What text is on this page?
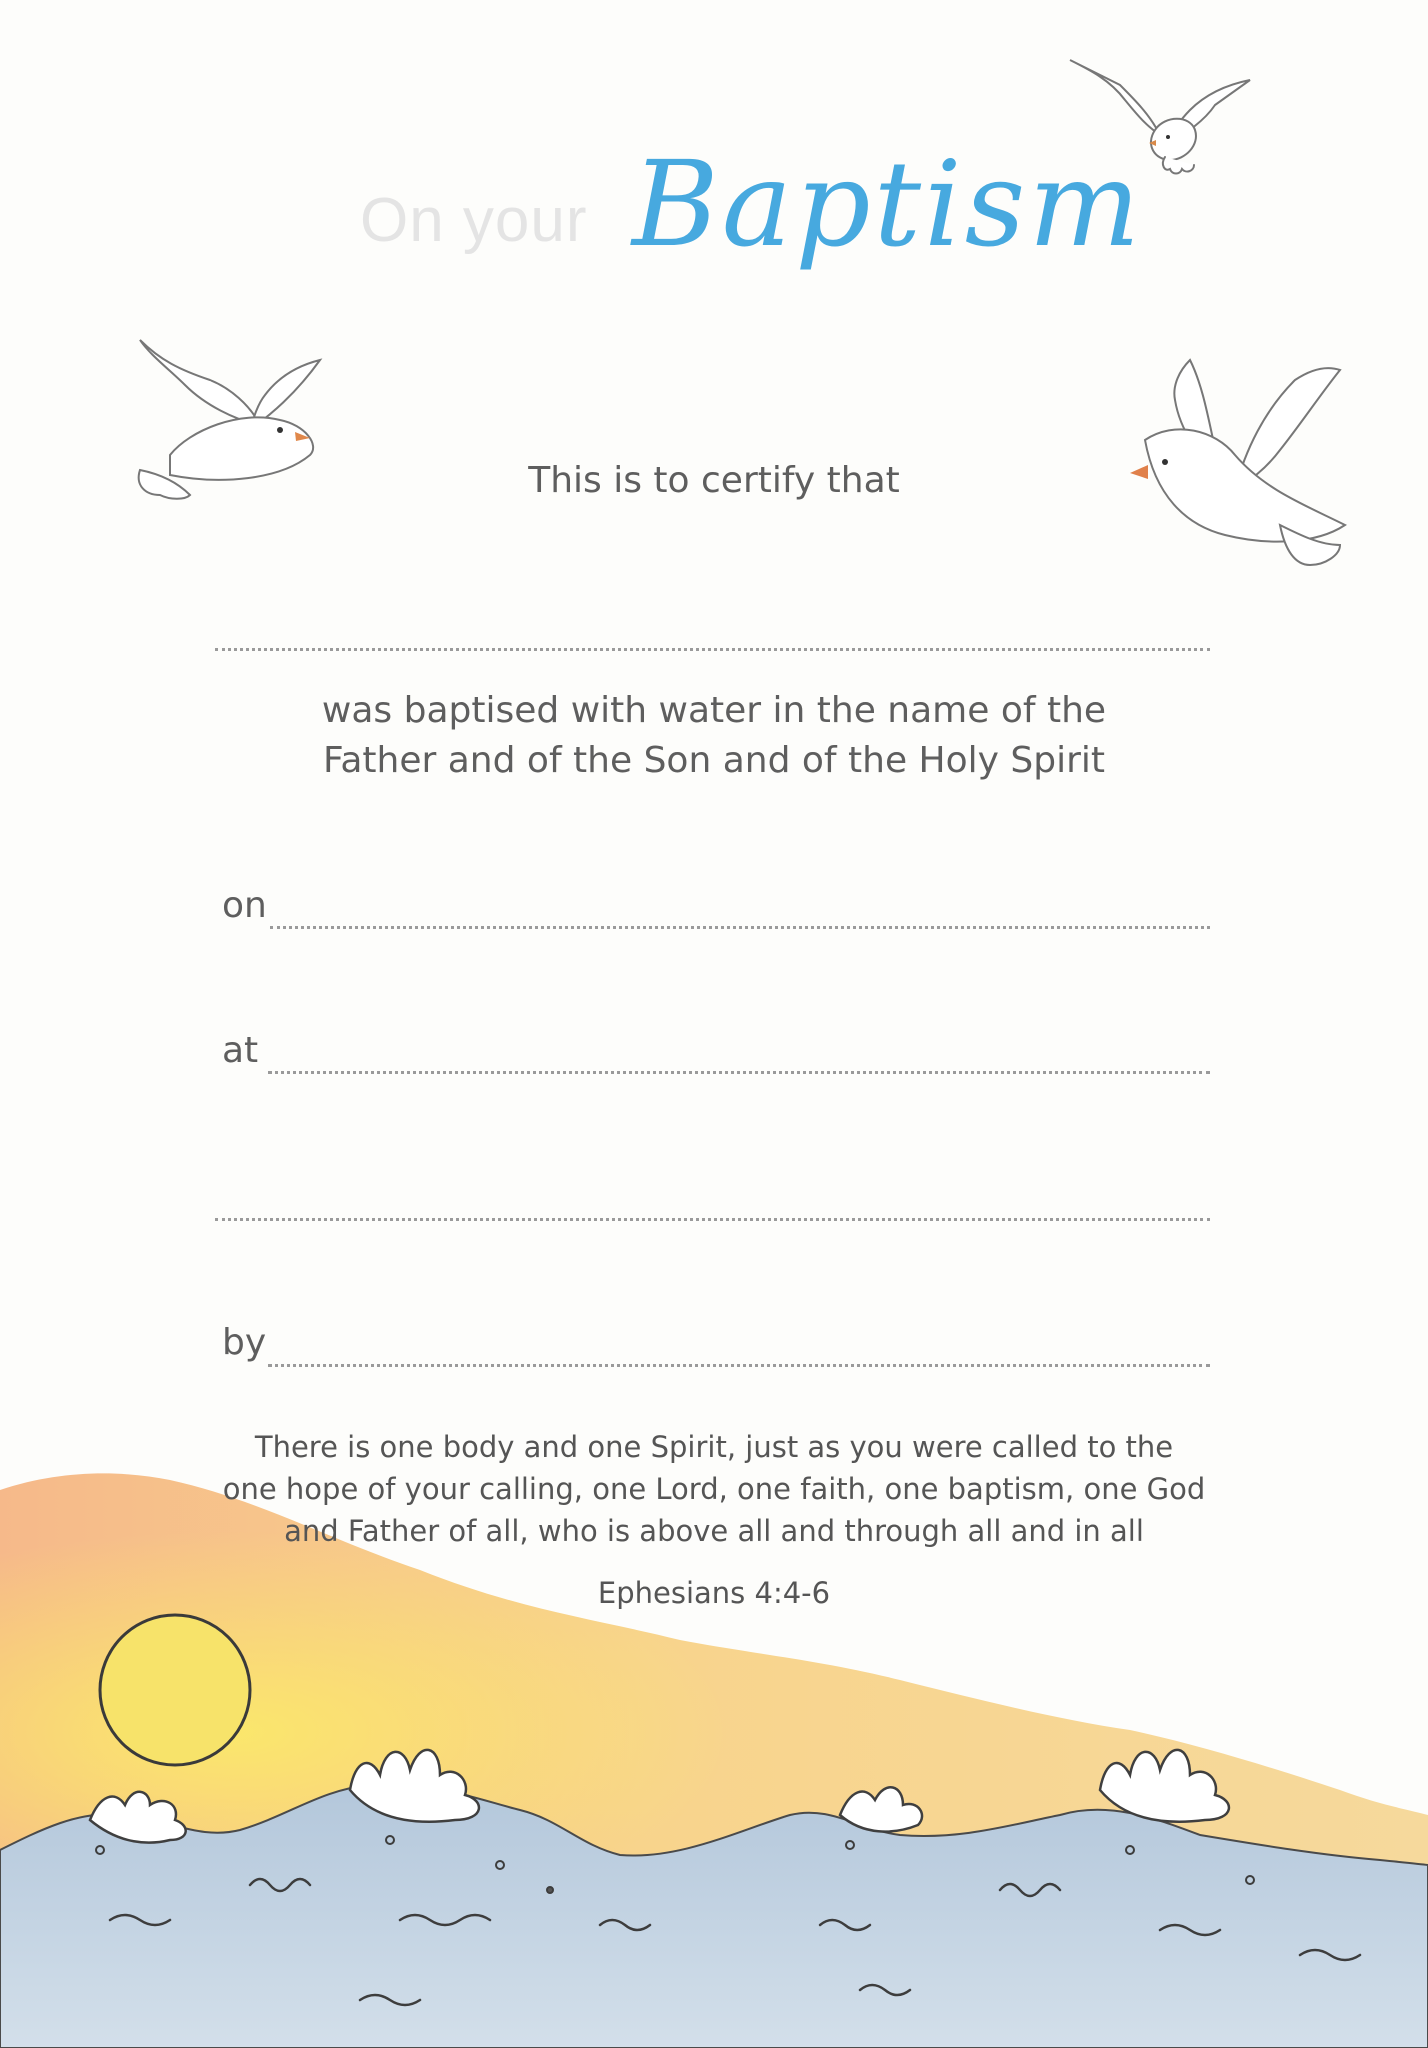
On your Baptism
This is to certify that
was baptised with water in the name of the
Father and of the Son and of the Holy Spirit
on
at
by
There is one body and one Spirit, just as you were called to the
one hope of your calling, one Lord, one faith, one baptism, one God
and Father of all, who is above all and through all and in all
Ephesians 4:4-6
